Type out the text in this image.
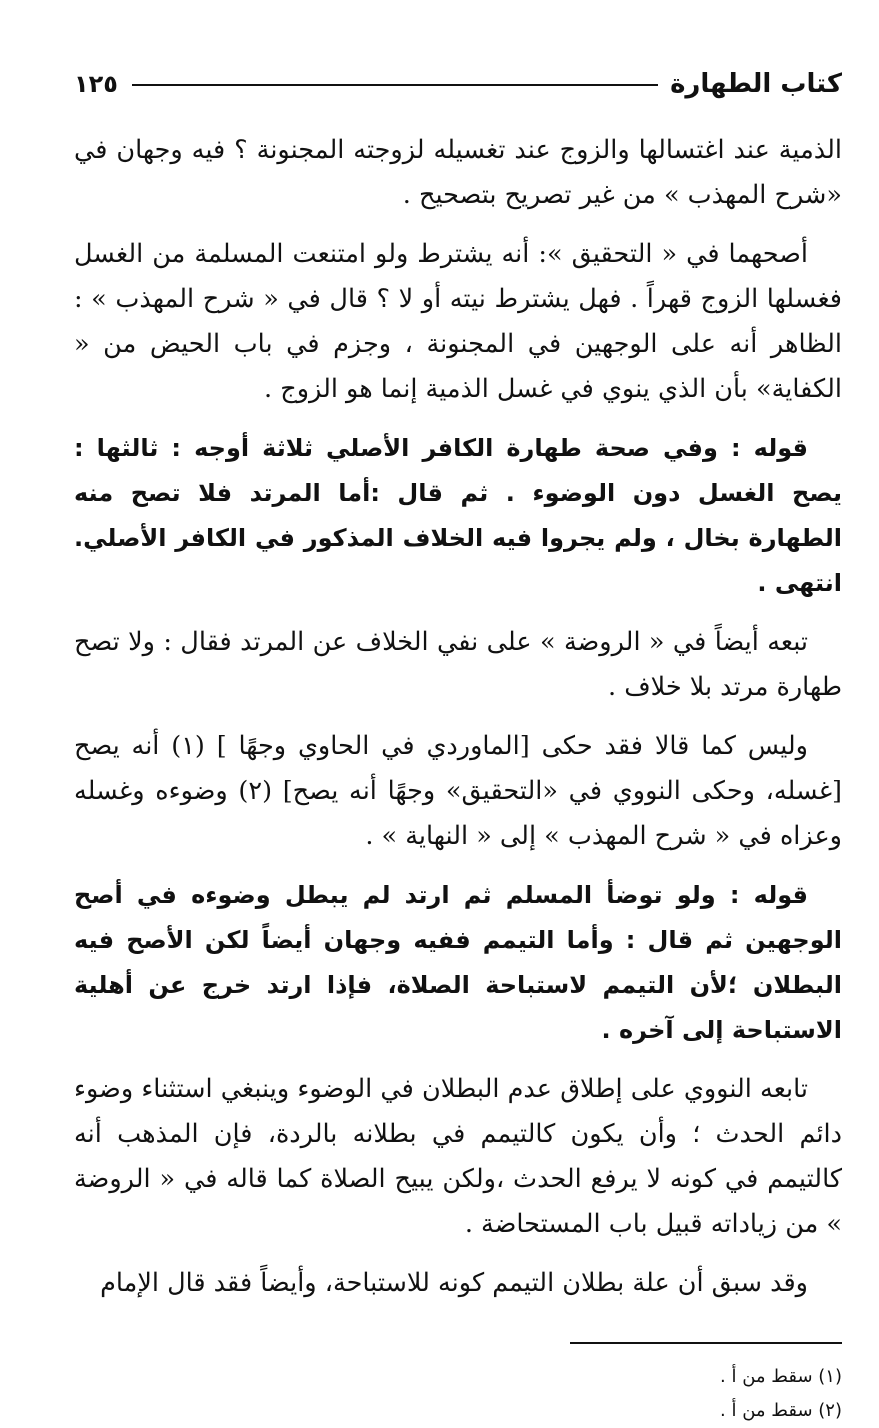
كتاب الطهارة
١٢٥

الذمية عند اغتسالها والزوج عند تغسيله لزوجته المجنونة ؟ فيه وجهان في «شرح المهذب » من غير تصريح بتصحيح .

أصحهما في « التحقيق »: أنه يشترط ولو امتنعت المسلمة من الغسل فغسلها الزوج قهراً . فهل يشترط نيته أو لا ؟ قال في « شرح المهذب » : الظاهر أنه على الوجهين في المجنونة ، وجزم في باب الحيض من « الكفاية» بأن الذي ينوي في غسل الذمية إنما هو الزوج .

قوله : وفي صحة طهارة الكافر الأصلي ثلاثة أوجه : ثالثها : يصح الغسل دون الوضوء . ثم قال :أما المرتد فلا تصح منه الطهارة بخال ، ولم يجروا فيه الخلاف المذكور في الكافر الأصلي. انتهى .

تبعه أيضاً في « الروضة » على نفي الخلاف عن المرتد فقال : ولا تصح طهارة مرتد بلا خلاف .

وليس كما قالا فقد حكى [الماوردي في الحاوي وجهًا ] (١) أنه يصح [غسله، وحكى النووي في «التحقيق» وجهًا أنه يصح] (٢) وضوءه وغسله وعزاه في « شرح المهذب » إلى « النهاية » .

قوله : ولو توضأ المسلم ثم ارتد لم يبطل وضوءه في أصح الوجهين ثم قال : وأما التيمم ففيه وجهان أيضاً لكن الأصح فيه البطلان ؛لأن التيمم لاستباحة الصلاة، فإذا ارتد خرج عن أهلية الاستباحة إلى آخره .

تابعه النووي على إطلاق عدم البطلان في الوضوء وينبغي استثناء وضوء دائم الحدث ؛ وأن يكون كالتيمم في بطلانه بالردة، فإن المذهب أنه كالتيمم في كونه لا يرفع الحدث ،ولكن يبيح الصلاة كما قاله في « الروضة » من زياداته قبيل باب المستحاضة .

وقد سبق أن علة بطلان التيمم كونه للاستباحة، وأيضاً فقد قال الإمام

(١) سقط من أ .
(٢) سقط من أ .
